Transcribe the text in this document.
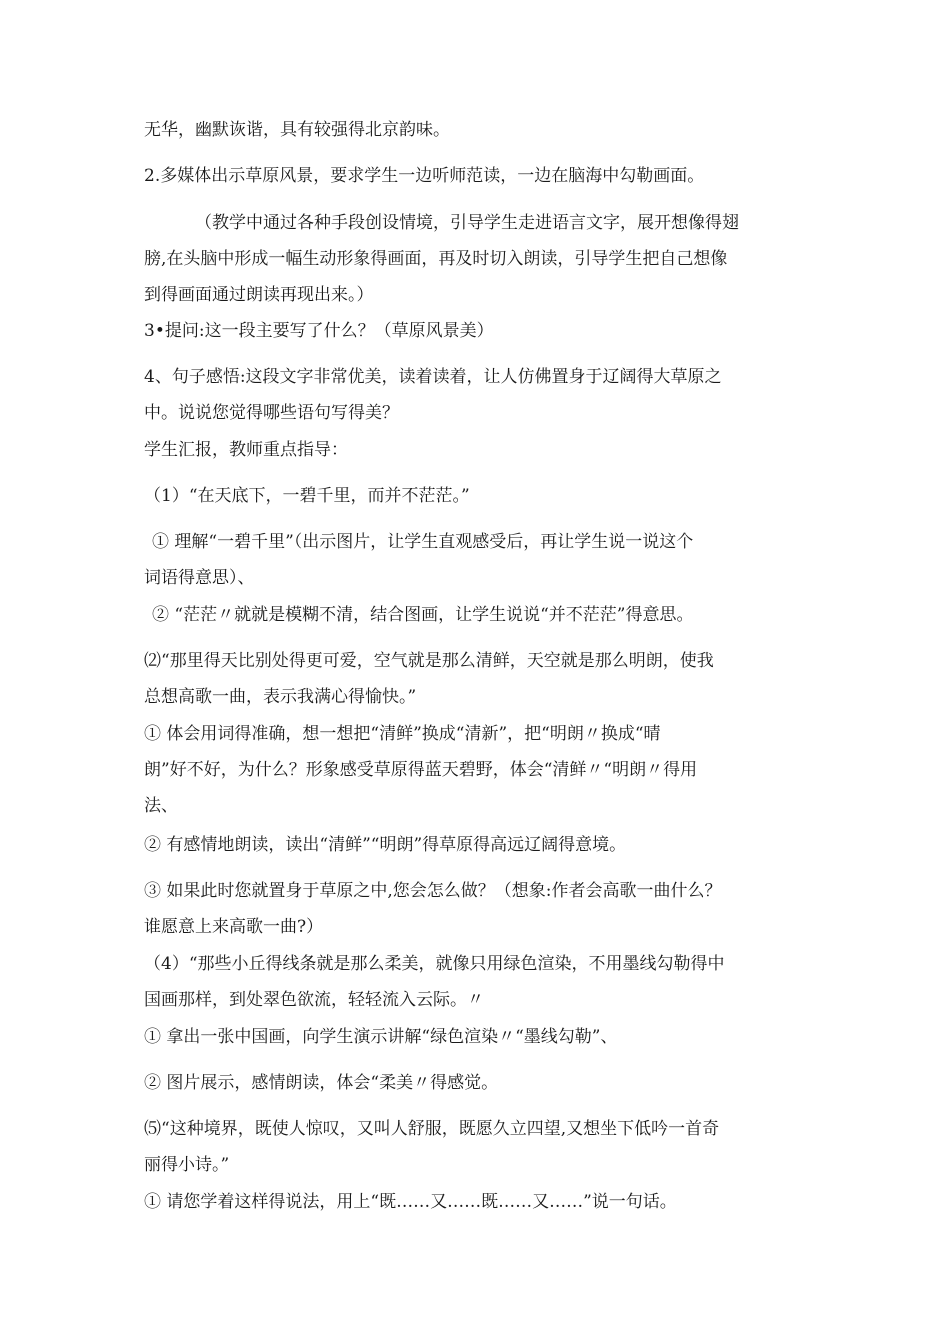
无华，幽默诙谐，具有较强得北京韵味。
2.多媒体出示草原风景，要求学生一边听师范读，一边在脑海中勾勒画面。
（教学中通过各种手段创设情境，引导学生走进语言文字，展开想像得翅
膀,在头脑中形成一幅生动形象得画面，再及时切入朗读，引导学生把自己想像
到得画面通过朗读再现出来。）
3•提问:这一段主要写了什么？（草原风景美）
4、句子感悟:这段文字非常优美，读着读着，让人仿佛置身于辽阔得大草原之
中。说说您觉得哪些语句写得美？
学生汇报，教师重点指导：
（1）“在天底下，一碧千里，而并不茫茫。”
① 理解“一碧千里”（出示图片，让学生直观感受后，再让学生说一说这个
词语得意思）、
② “茫茫〃就就是模糊不清，结合图画，让学生说说“并不茫茫”得意思。
⑵“那里得天比别处得更可爱，空气就是那么清鲜，天空就是那么明朗，使我
总想高歌一曲，表示我满心得愉快。”
① 体会用词得准确，想一想把“清鲜”换成“清新”，把“明朗〃换成“晴
朗”好不好，为什么？形象感受草原得蓝天碧野，体会“清鲜〃“明朗〃得用
法、
② 有感情地朗读，读出“清鲜”“明朗”得草原得高远辽阔得意境。
③ 如果此时您就置身于草原之中,您会怎么做？（想象:作者会高歌一曲什么？
谁愿意上来高歌一曲?）
（4）“那些小丘得线条就是那么柔美，就像只用绿色渲染，不用墨线勾勒得中
国画那样，到处翠色欲流，轻轻流入云际。〃
① 拿出一张中国画，向学生演示讲解“绿色渲染〃“墨线勾勒”、
② 图片展示，感情朗读，体会“柔美〃得感觉。
⑸“这种境界，既使人惊叹，又叫人舒服，既愿久立四望,又想坐下低吟一首奇
丽得小诗。”
① 请您学着这样得说法，用上“既……又……既……又……”说一句话。
